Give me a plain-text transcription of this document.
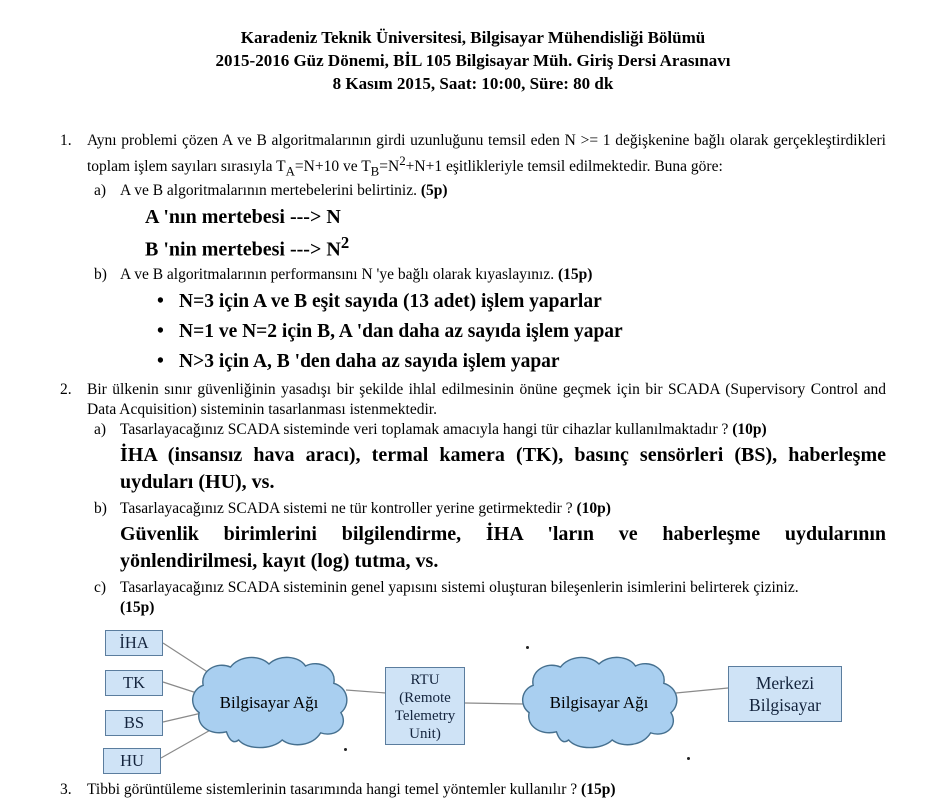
Karadeniz Teknik Üniversitesi, Bilgisayar Mühendisliği Bölümü
2015-2016 Güz Dönemi, BİL 105 Bilgisayar Müh. Giriş Dersi Arasınavı
8 Kasım 2015, Saat: 10:00, Süre: 80 dk
1. Aynı problemi çözen A ve B algoritmalarının girdi uzunluğunu temsil eden N >= 1 değişkenine bağlı olarak gerçekleştirdikleri toplam işlem sayıları sırasıyla $T_A=N+10$ ve $T_B=N^2+N+1$ eşitlikleriyle temsil edilmektedir. Buna göre:
a) A ve B algoritmalarının mertebelerini belirtiniz. (5p)
A 'nın mertebesi ---> N
B 'nin mertebesi ---> $N^2$
b) A ve B algoritmalarının performansını N 'ye bağlı olarak kıyaslayınız. (15p)
• N=3 için A ve B eşit sayıda (13 adet) işlem yaparlar
• N=1 ve N=2 için B, A 'dan daha az sayıda işlem yapar
• N>3 için A, B 'den daha az sayıda işlem yapar
2. Bir ülkenin sınır güvenliğinin yasadışı bir şekilde ihlal edilmesinin önüne geçmek için bir SCADA (Supervisory Control and Data Acquisition) sisteminin tasarlanması istenmektedir.
a) Tasarlayacağınız SCADA sisteminde veri toplamak amacıyla hangi tür cihazlar kullanılmaktadır ? (10p)
İHA (insansız hava aracı), termal kamera (TK), basınç sensörleri (BS), haberleşme uyduları (HU), vs.
b) Tasarlayacağınız SCADA sistemi ne tür kontroller yerine getirmektedir ? (10p)
Güvenlik birimlerini bilgilendirme, İHA 'ların ve haberleşme uydularının yönlendirilmesi, kayıt (log) tutma, vs.
c) Tasarlayacağınız SCADA sisteminin genel yapısını sistemi oluşturan bileşenlerin isimlerini belirterek çiziniz.
(15p)
İHA
TK
BS
HU
Bilgisayar Ağı
RTU
(Remote
Telemetry
Unit)
Bilgisayar Ağı
Merkezi
Bilgisayar
3. Tibbi görüntüleme sistemlerinin tasarımında hangi temel yöntemler kullanılır ? (15p)
